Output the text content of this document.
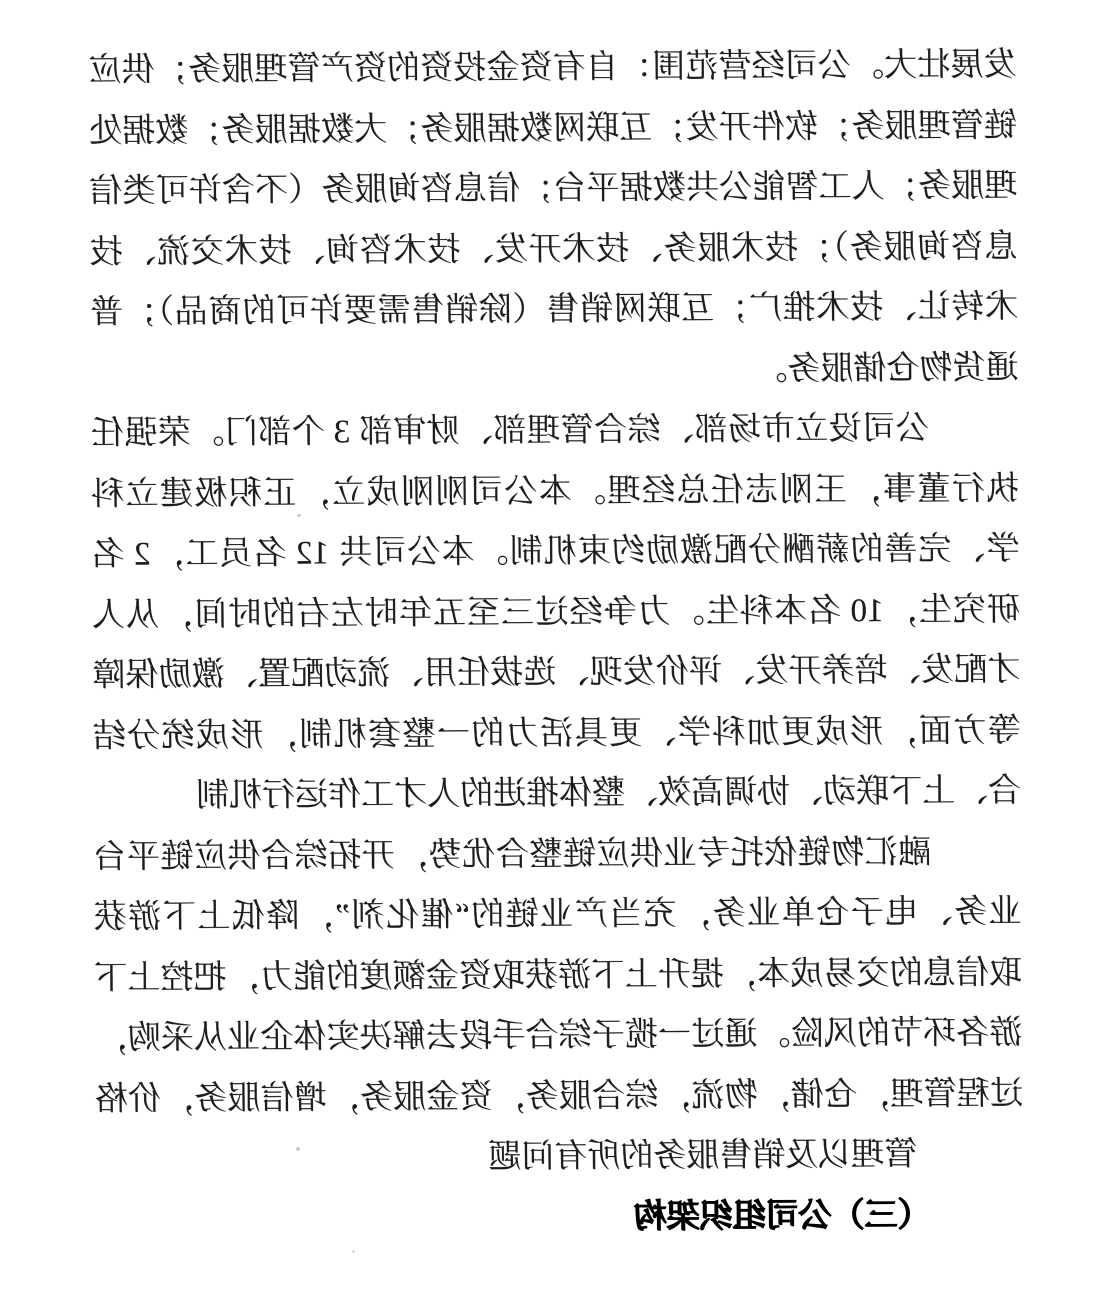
发展壮大。公司经营范围：自有资金投资的资产管理服务；供应
链管理服务；软件开发；互联网数据服务；大数据服务；数据处
理服务；人工智能公共数据平台；信息咨询服务（不含许可类信
息咨询服务）；技术服务、技术开发、技术咨询、技术交流、技
术转让、技术推广；互联网销售（除销售需要许可的商品）；普
通货物仓储服务。
公司设立市场部、综合管理部、财审部 3 个部门。荣强任
执行董事，王刚志任总经理。本公司刚刚成立，正积极建立科
学、完善的薪酬分配激励约束机制。本公司共 12 名员工，2 名
研究生，10 名本科生。力争经过三至五年时左右的时间，从人
才配发、培养开发、评价发现、选拔任用、流动配置、激励保障
等方面，形成更加科学、更具活力的一整套机制，形成统分结
合、上下联动、协调高效、整体推进的人才工作运行机制
融汇物链依托专业供应链整合优势，开拓综合供应链平台
业务、电子仓单业务，充当产业链的“催化剂”，降低上下游获
取信息的交易成本，提升上下游获取资金额度的能力，把控上下
游各环节的风险。通过一揽子综合手段去解决实体企业从采购，
过程管理，仓储，物流，综合服务，资金服务，增信服务，价格
管理以及销售服务的所有问题
（三）公司组织架构
